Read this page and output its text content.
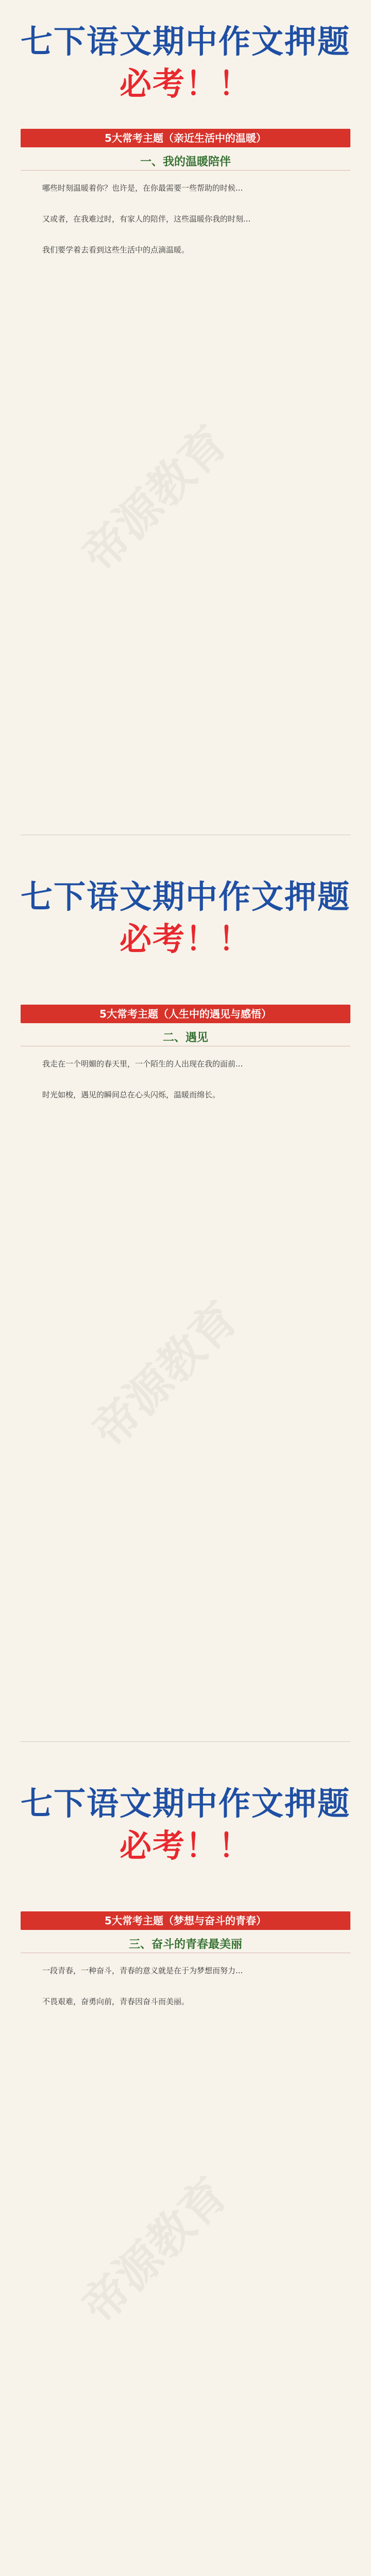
七下语文期中作文押题
必考！！
5大常考主题（亲近生活中的温暖）
一、我的温暖陪伴
哪些时刻温暖着你？也许是，在你最需要一些帮助的时候...
又或者，在我难过时，有家人的陪伴，这些温暖你我的时刻...
我们要学着去看到这些生活中的点滴温暖。
七下语文期中作文押题
必考！！
5大常考主题（人生中的遇见与感悟）
二、遇见
我走在一个明媚的春天里，一个陌生的人出现在我的面前...
时光如梭，遇见的瞬间总在心头闪烁，温暖而绵长。
七下语文期中作文押题
必考！！
5大常考主题（梦想与奋斗的青春）
三、奋斗的青春最美丽
一段青春，一种奋斗，青春的意义就是在于为梦想而努力...
不畏艰难，奋勇向前，青春因奋斗而美丽。

帝源教育
帝源教育
帝源教育
